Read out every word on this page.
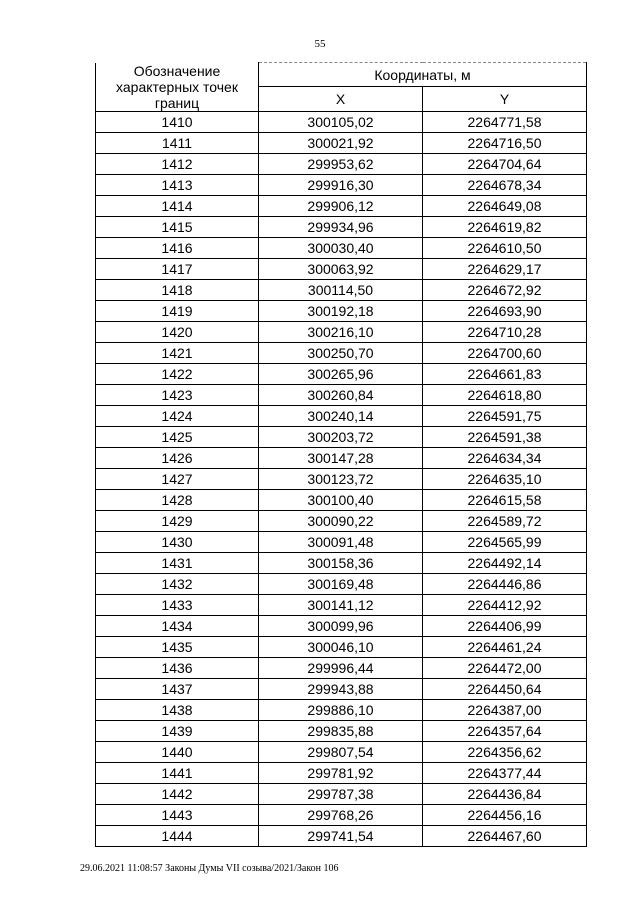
55
Обозначение характерных точек границ	Координаты, м	
	X	Y
1410	300105,02	2264771,58
1411	300021,92	2264716,50
1412	299953,62	2264704,64
1413	299916,30	2264678,34
1414	299906,12	2264649,08
1415	299934,96	2264619,82
1416	300030,40	2264610,50
1417	300063,92	2264629,17
1418	300114,50	2264672,92
1419	300192,18	2264693,90
1420	300216,10	2264710,28
1421	300250,70	2264700,60
1422	300265,96	2264661,83
1423	300260,84	2264618,80
1424	300240,14	2264591,75
1425	300203,72	2264591,38
1426	300147,28	2264634,34
1427	300123,72	2264635,10
1428	300100,40	2264615,58
1429	300090,22	2264589,72
1430	300091,48	2264565,99
1431	300158,36	2264492,14
1432	300169,48	2264446,86
1433	300141,12	2264412,92
1434	300099,96	2264406,99
1435	300046,10	2264461,24
1436	299996,44	2264472,00
1437	299943,88	2264450,64
1438	299886,10	2264387,00
1439	299835,88	2264357,64
1440	299807,54	2264356,62
1441	299781,92	2264377,44
1442	299787,38	2264436,84
1443	299768,26	2264456,16
1444	299741,54	2264467,60
29.06.2021 11:08:57 Законы Думы VII созыва/2021/Закон 106
